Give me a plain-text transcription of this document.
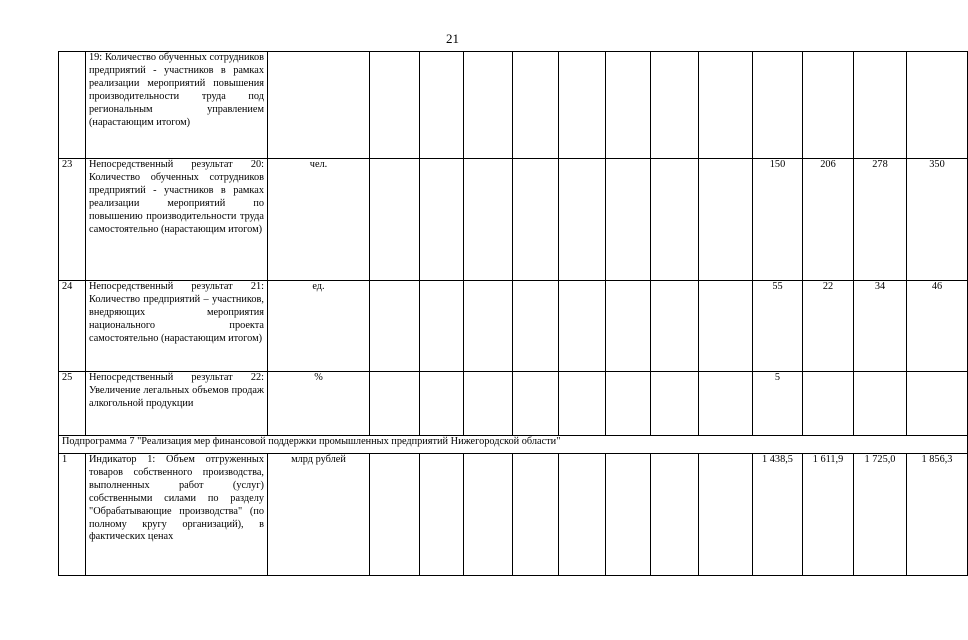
21
	19: Количество обученных сотрудников предприятий - участников в рамках реализации мероприятий повышения производительности труда под региональным управлением (нарастающим итогом)													
23	Непосредственный результат 20: Количество обученных сотрудников предприятий - участников в рамках реализации мероприятий по повышению производительности труда самостоятельно (нарастающим итогом)	чел.									150	206	278	350
24	Непосредственный результат 21: Количество предприятий – участников, внедряющих мероприятия национального проекта самостоятельно (нарастающим итогом)	ед.									55	22	34	46
25	Непосредственный результат 22: Увеличение легальных объемов продаж алкогольной продукции	%									5			
Подпрограмма 7 "Реализация мер финансовой поддержки промышленных предприятий Нижегородской области"														
1	Индикатор 1: Объем отгруженных товаров собственного производства, выполненных работ (услуг) собственными силами по разделу "Обрабатывающие производства" (по полному кругу организаций), в фактических ценах	млрд рублей									1 438,5	1 611,9	1 725,0	1 856,3
